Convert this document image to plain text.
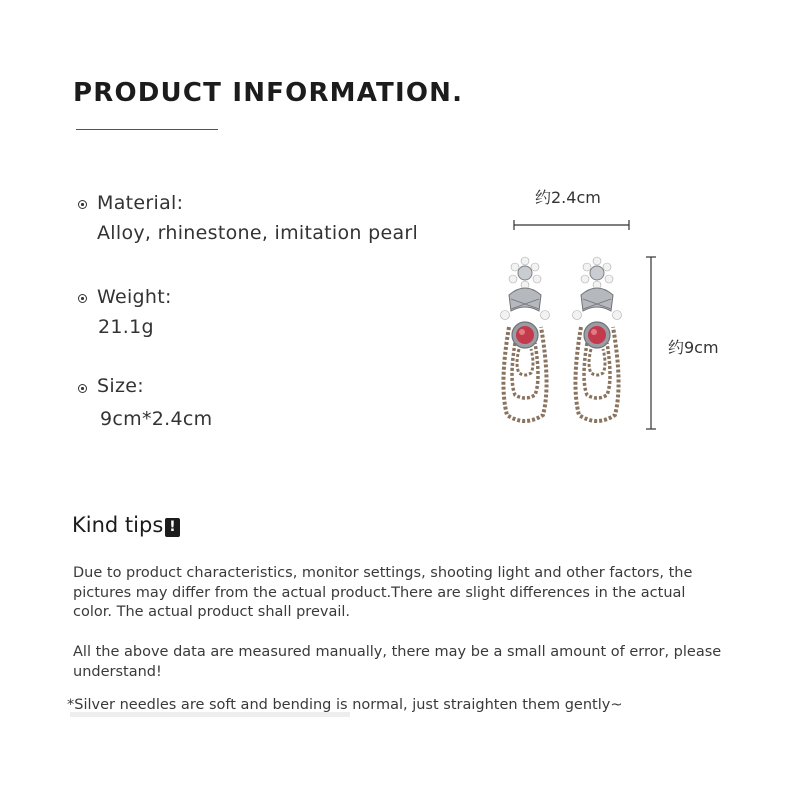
PRODUCT INFORMATION.
Material:
Alloy, rhinestone, imitation pearl
Weight:
21.1g
Size:
9cm*2.4cm
约2.4cm
约9cm
Kind tips !
Due to product characteristics, monitor settings, shooting light and other factors, the pictures may differ from the actual product.There are slight differences in the actual color. The actual product shall prevail.
All the above data are measured manually, there may be a small amount of error, please understand!
*Silver needles are soft and bending is normal, just straighten them gently~
